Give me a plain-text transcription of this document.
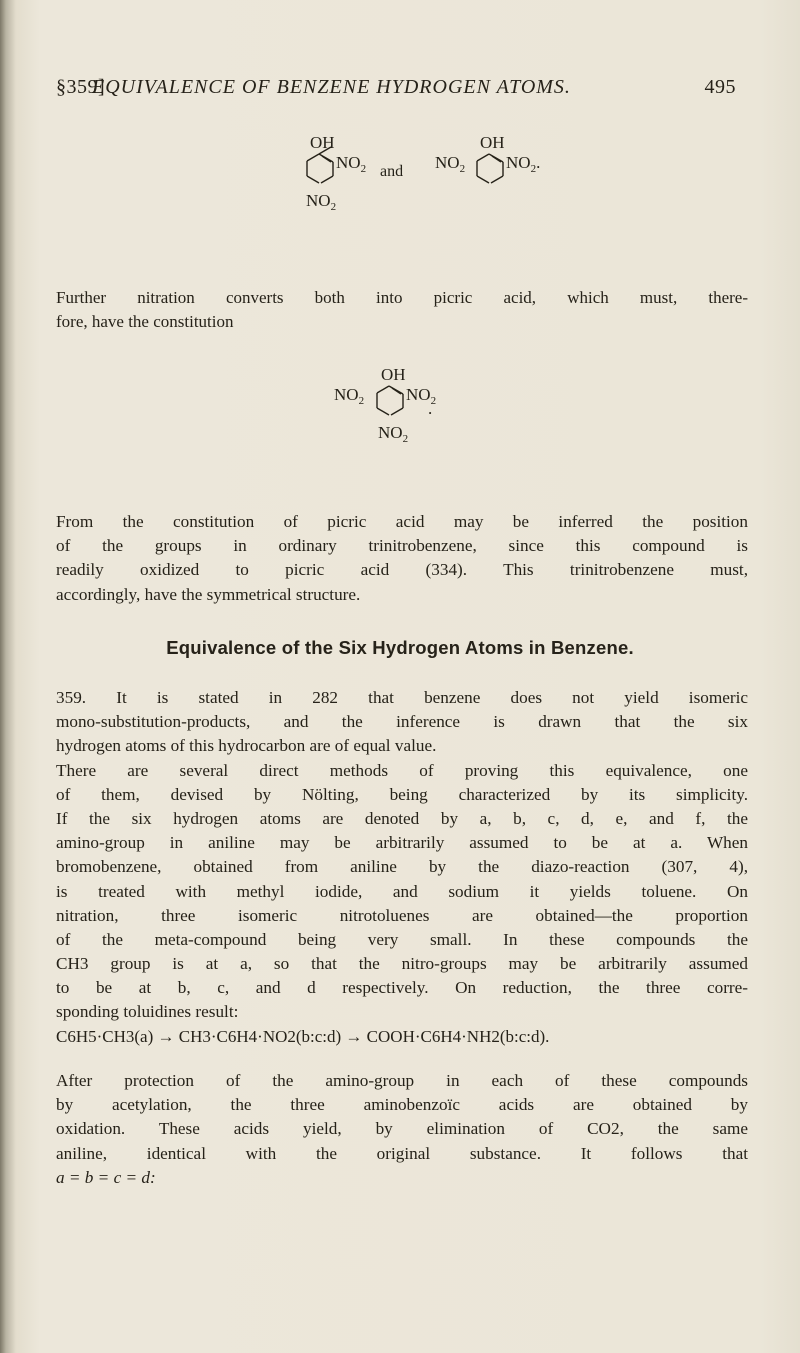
§359]
EQUIVALENCE OF BENZENE HYDROGEN ATOMS.	495
OH
$NO_2$
$NO_2$
and
OH
$NO_2$ $NO_2$.
Further nitration converts both into picric acid, which must, there-
fore, have the constitution
OH
$NO_2$ $NO_2$
.
$NO_2$
From the constitution of picric acid may be inferred the position
of the groups in ordinary trinitrobenzene, since this compound is
readily oxidized to picric acid (334). This trinitrobenzene must,
accordingly, have the symmetrical structure.
Equivalence of the Six Hydrogen Atoms in Benzene.
359. It is stated in 282 that benzene does not yield isomeric
mono-substitution-products, and the inference is drawn that the six
hydrogen atoms of this hydrocarbon are of equal value.
There are several direct methods of proving this equivalence, one
of them, devised by Nölting, being characterized by its simplicity.
If the six hydrogen atoms are denoted by a, b, c, d, e, and f, the
amino-group in aniline may be arbitrarily assumed to be at a. When
bromobenzene, obtained from aniline by the diazo-reaction (307, 4),
is treated with methyl iodide, and sodium it yields toluene. On
nitration, three isomeric nitrotoluenes are obtained—the proportion
of the meta-compound being very small. In these compounds the
CH3 group is at a, so that the nitro-groups may be arbitrarily assumed
to be at b, c, and d respectively. On reduction, the three corre-
sponding toluidines result:
C6H5·CH3(a) → CH3·C6H4·NO2(b:c:d) → COOH·C6H4·NH2(b:c:d).
After protection of the amino-group in each of these compounds
by acetylation, the three aminobenzoïc acids are obtained by
oxidation. These acids yield, by elimination of CO2, the same
aniline, identical with the original substance. It follows that
a = b = c = d:
